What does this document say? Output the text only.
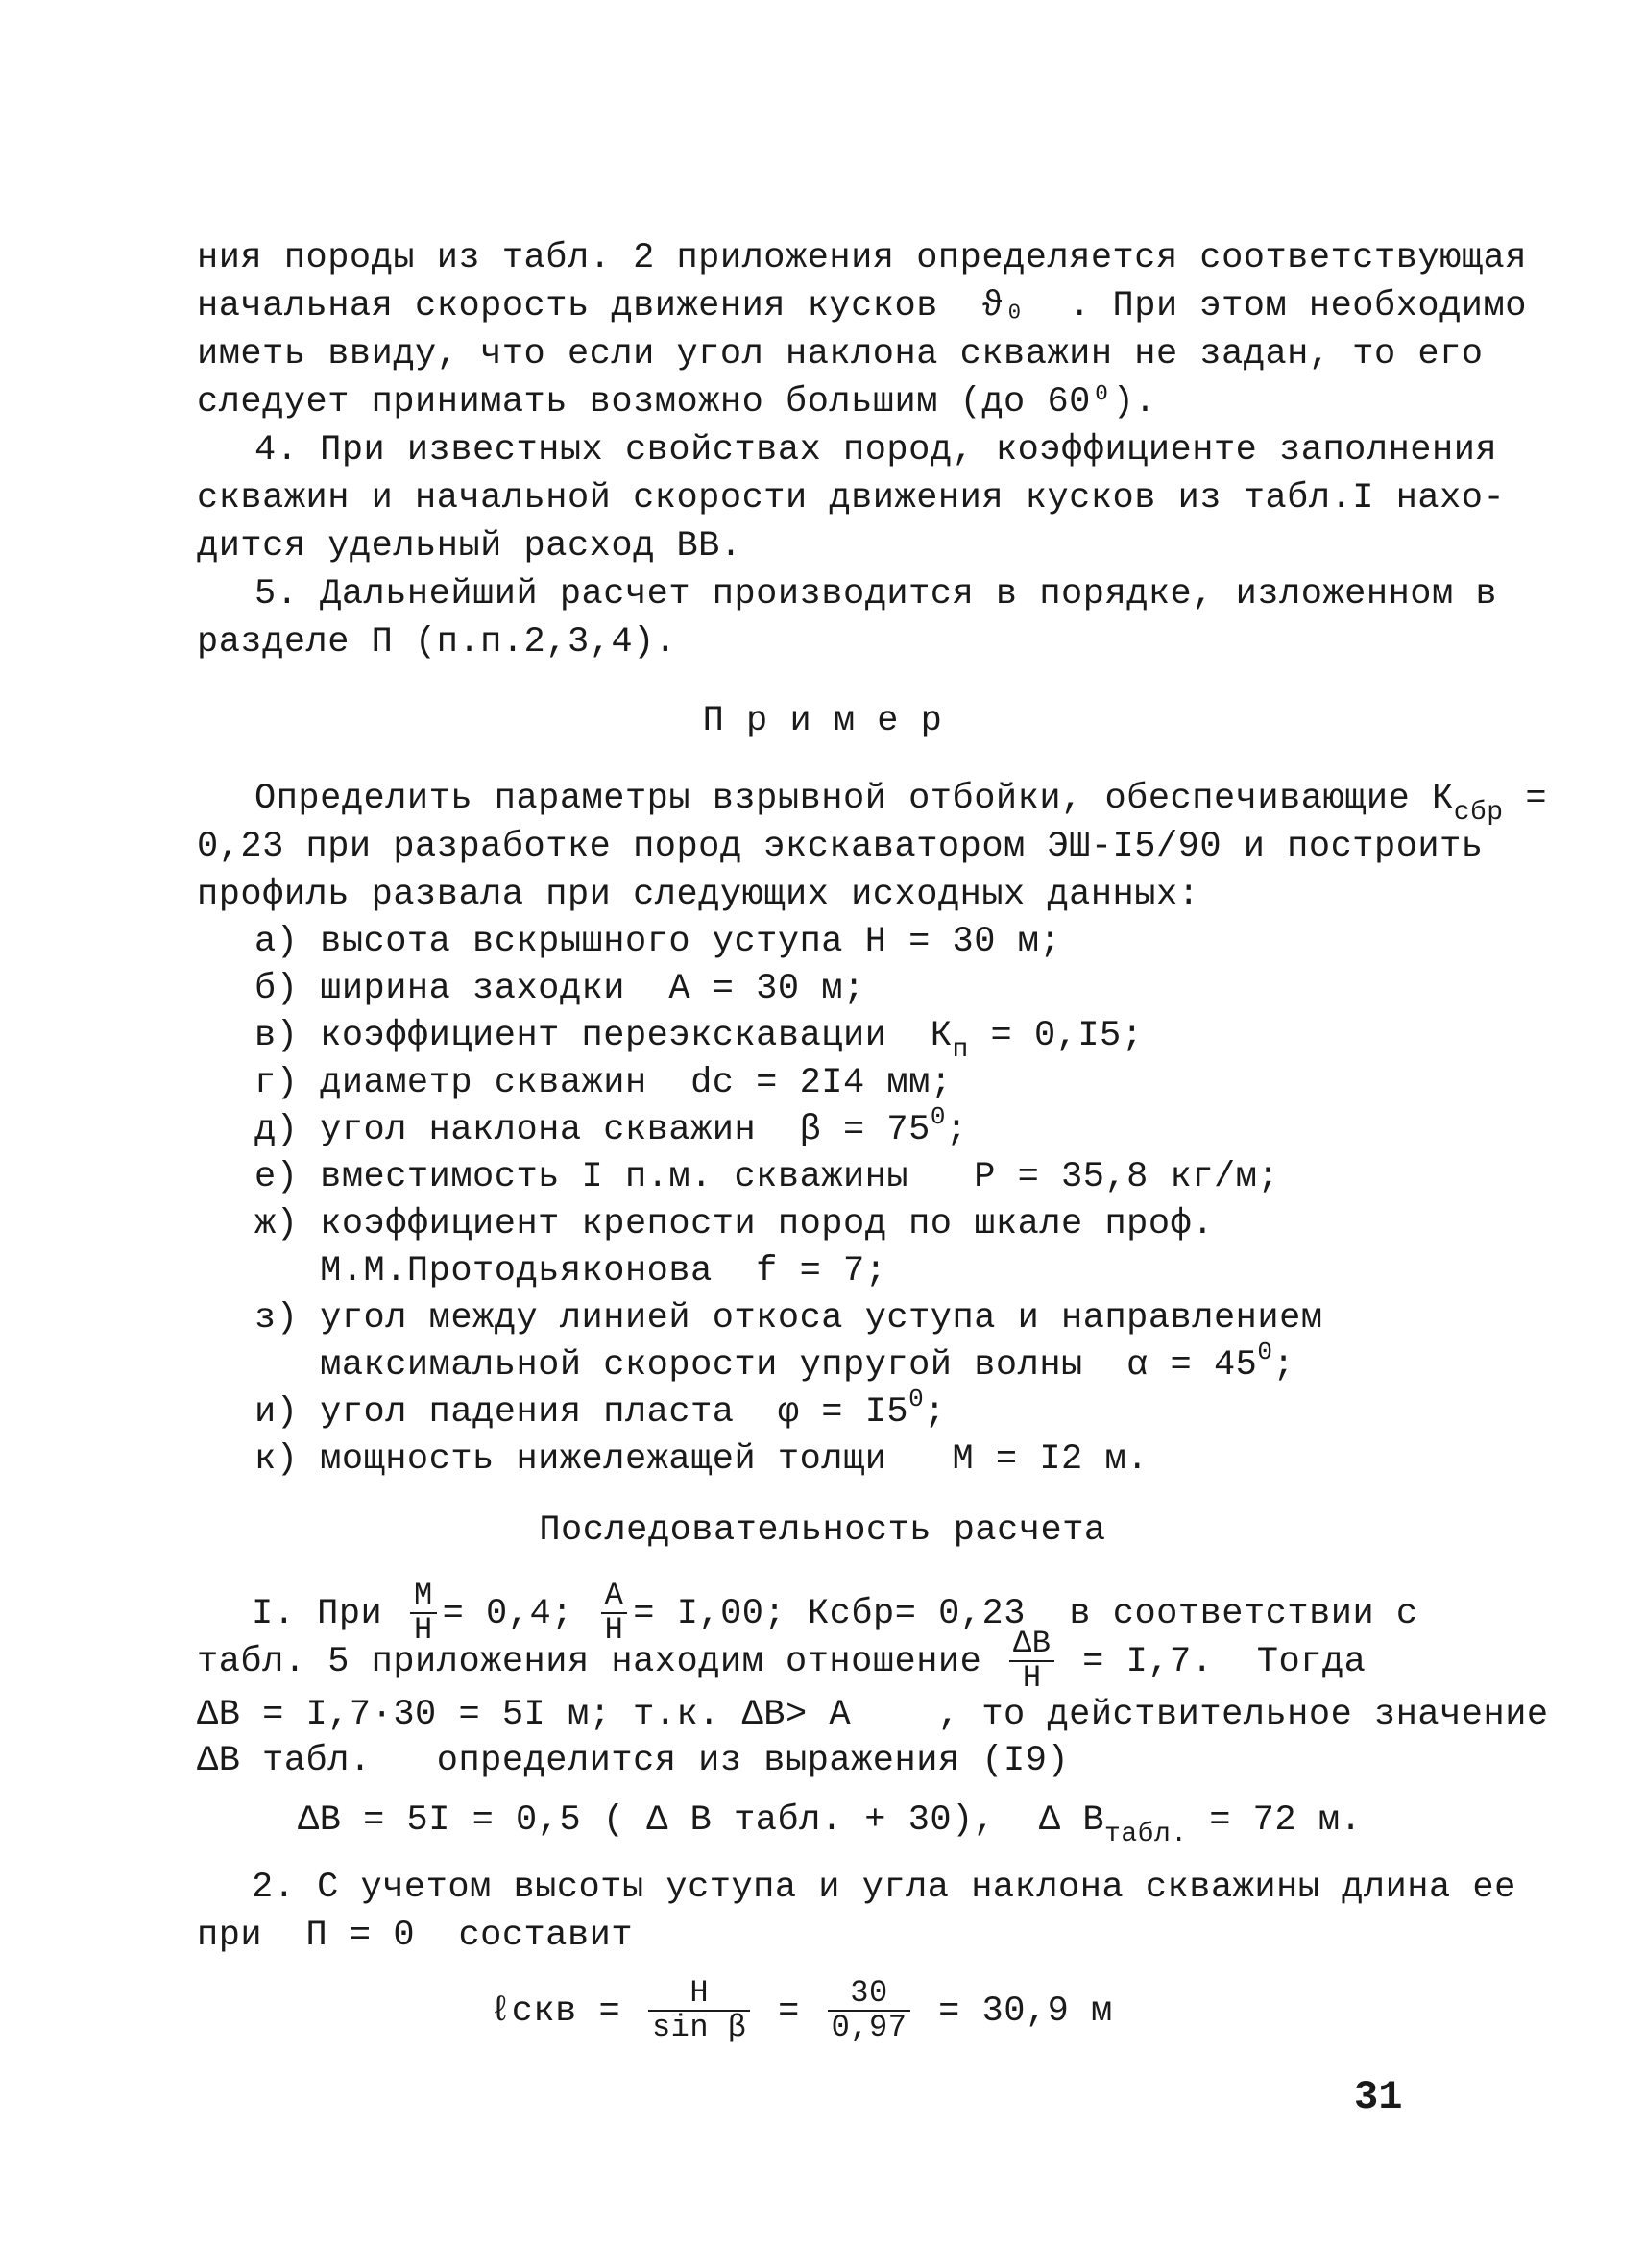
ния породы из табл. 2 приложения определяется соответствующая
начальная скорость движения кусков  ϑ₀  . При этом необходимо
иметь ввиду, что если угол наклона скважин не задан, то его
следует принимать возможно большим (до 60⁰).
4. При известных свойствах пород, коэффициенте заполнения
скважин и начальной скорости движения кусков из табл.I нахо-
дится удельный расход ВВ.
5. Дальнейший расчет производится в порядке, изложенном в
разделе П (п.п.2,3,4).
П р и м е р
Определить параметры взрывной отбойки, обеспечивающие $К_{сбр}$ =
0,23 при разработке пород экскаватором ЭШ-I5/90 и построить
профиль развала при следующих исходных данных:
а) высота вскрышного уступа Н = 30 м;
б) ширина заходки  А = 30 м;
в) коэффициент переэкскавации  $К_п = 0,I5$;
г) диаметр скважин  dс = 2I4 мм;
д) угол наклона скважин  $\beta = 75^0$;
е) вместимость I п.м. скважины   Р = 35,8 кг/м;
ж) коэффициент крепости пород по шкале проф.
М.М.Протодьяконова  f = 7;
з) угол между линией откоса уступа и направлением
максимальной скорости упругой волны  $\alpha = 45^0$;
и) угол падения пласта  $\varphi = I5^0$;
к) мощность нижележащей толщи   М = I2 м.
Последовательность расчета
I. При $\frac{М}{Н} = 0,4$; $\frac{А}{Н} = I,00$; Ксбр= 0,23  в соответствии с
табл. 5 приложения находим отношение $\frac{\Delta В}{Н} = I,7$.  Тогда
ΔВ = I,7·30 = 5I м; т.к. ΔВ> А    , то действительное значение
ΔВ табл.   определится из выражения (I9)
ΔВ = 5I = 0,5 ( Δ В табл. + 30),  Δ $В_{табл.} = 72$ м.
2. С учетом высоты уступа и угла наклона скважины длина ее
при  П = 0  составит
ℓскв = $\frac{Н}{\text{sin β}} = \frac{30}{0,97} = 30,9$ м
31
